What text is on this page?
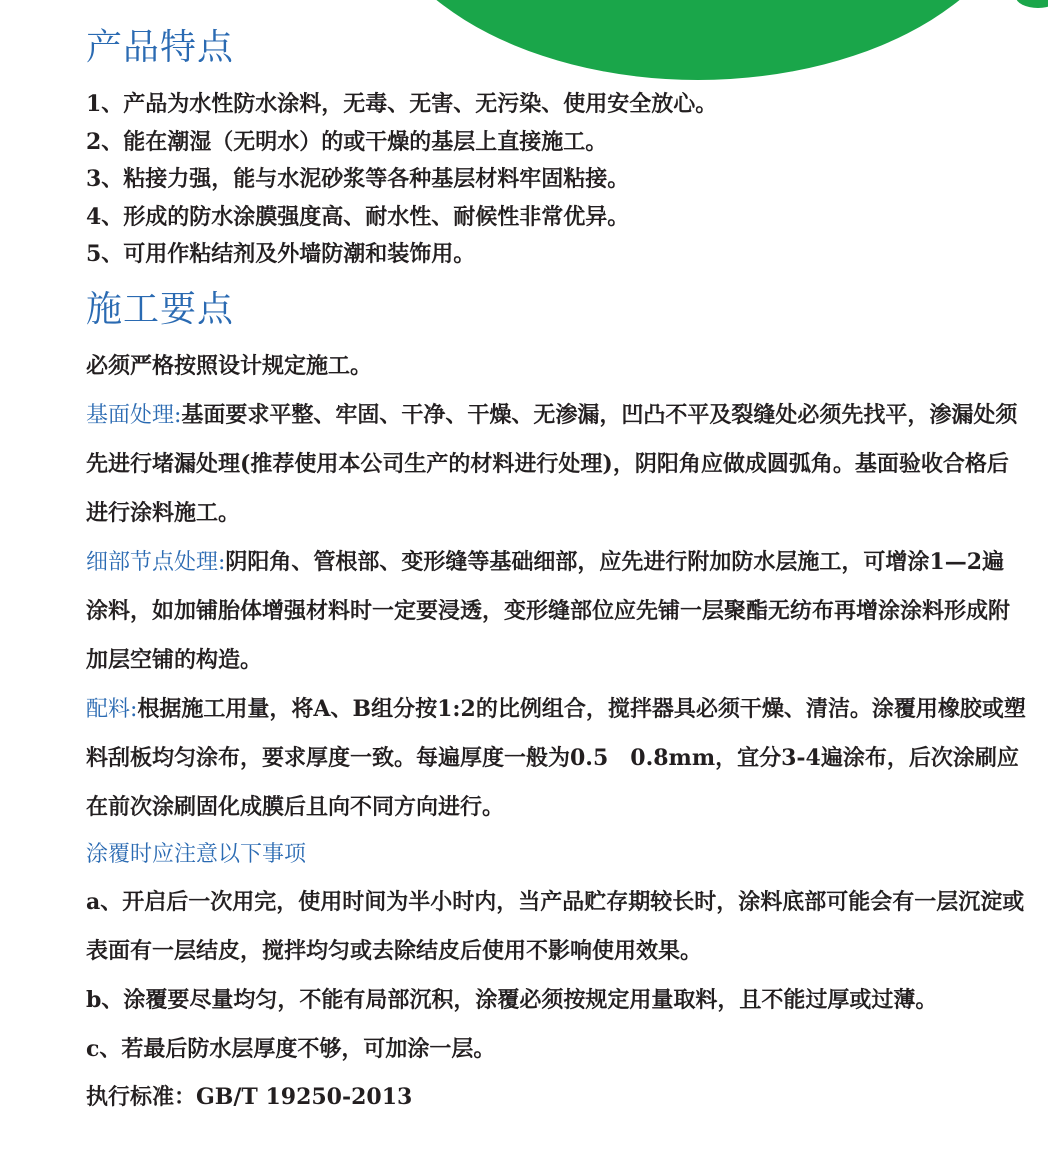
产品特点
1、产品为水性防水涂料，无毒、无害、无污染、使用安全放心。
2、能在潮湿（无明水）的或干燥的基层上直接施工。
3、粘接力强，能与水泥砂浆等各种基层材料牢固粘接。
4、形成的防水涂膜强度高、耐水性、耐候性非常优异。
5、可用作粘结剂及外墙防潮和装饰用。
施工要点

必须严格按照设计规定施工。

基面处理:基面要求平整、牢固、干净、干燥、无渗漏，凹凸不平及裂缝处必须先找平，渗漏处须先进行堵漏处理(推荐使用本公司生产的材料进行处理)，阴阳角应做成圆弧角。基面验收合格后进行涂料施工。

细部节点处理:阴阳角、管根部、变形缝等基础细部，应先进行附加防水层施工，可增涂1—2遍涂料，如加铺胎体增强材料时一定要浸透，变形缝部位应先铺一层聚酯无纺布再增涂涂料形成附加层空铺的构造。

配料:根据施工用量，将A、B组分按1:2的比例组合，搅拌器具必须干燥、清洁。涂覆用橡胶或塑料刮板均匀涂布，要求厚度一致。每遍厚度一般为0.5　0.8mm，宜分3-4遍涂布，后次涂刷应在前次涂刷固化成膜后且向不同方向进行。

涂覆时应注意以下事项

a、开启后一次用完，使用时间为半小时内，当产品贮存期较长时，涂料底部可能会有一层沉淀或表面有一层结皮，搅拌均匀或去除结皮后使用不影响使用效果。

b、涂覆要尽量均匀，不能有局部沉积，涂覆必须按规定用量取料，且不能过厚或过薄。

c、若最后防水层厚度不够，可加涂一层。

执行标准：GB/T 19250-2013
